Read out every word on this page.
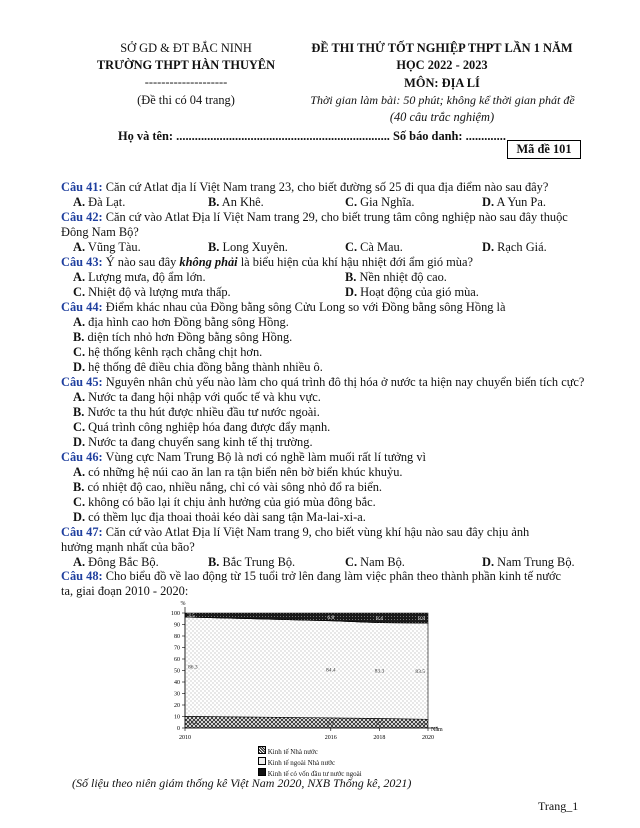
SỞ GD & ĐT BẮC NINH
TRƯỜNG THPT HÀN THUYÊN
--------------------
(Đề thi có 04 trang)
ĐỀ THI THỬ TỐT NGHIỆP THPT LẦN 1 NĂM
HỌC 2022 - 2023
MÔN: ĐỊA LÍ
Thời gian làm bài: 50 phút; không kể thời gian phát đề
(40 câu trắc nghiệm)
Họ và tên: ..................................................................... Số báo danh: .............
Mã đề 101
Câu 41: Căn cứ Atlat địa lí Việt Nam trang 23, cho biết đường số 25 đi qua địa điểm nào sau đây?
A. Đà Lạt.	B. An Khê.	C. Gia Nghĩa.	D. A Yun Pa.
Câu 42: Căn cứ vào Atlat Địa lí Việt Nam trang 29, cho biết trung tâm công nghiệp nào sau đây thuộc
Đông Nam Bộ?
A. Vũng Tàu.	B. Long Xuyên.	C. Cà Mau.	D. Rạch Giá.
Câu 43: Ý nào sau đây không phải là biểu hiện của khí hậu nhiệt đới ẩm gió mùa?
A. Lượng mưa, độ ẩm lớn.	B. Nền nhiệt độ cao.
C. Nhiệt độ và lượng mưa thấp.	D. Hoạt động của gió mùa.
Câu 44: Điểm khác nhau của Đồng bằng sông Cửu Long so với Đồng bằng sông Hồng là
A. địa hình cao hơn Đồng bằng sông Hồng.
B. diện tích nhỏ hơn Đồng bằng sông Hồng.
C. hệ thống kênh rạch chằng chịt hơn.
D. hệ thống đê điều chia đồng bằng thành nhiều ô.
Câu 45: Nguyên nhân chủ yếu nào làm cho quá trình đô thị hóa ở nước ta hiện nay chuyển biến tích cực?
A. Nước ta đang hội nhập với quốc tế và khu vực.
B. Nước ta thu hút được nhiều đầu tư nước ngoài.
C. Quá trình công nghiệp hóa đang được đẩy mạnh.
D. Nước ta đang chuyển sang kinh tế thị trường.
Câu 46: Vùng cực Nam Trung Bộ là nơi có nghề làm muối rất lí tưởng vì
A. có những hệ núi cao ăn lan ra tận biển nên bờ biển khúc khuỷu.
B. có nhiệt độ cao, nhiều nắng, chỉ có vài sông nhỏ đổ ra biển.
C. không có bão lại ít chịu ảnh hưởng của gió mùa đông bắc.
D. có thềm lục địa thoai thoải kéo dài sang tận Ma-lai-xi-a.
Câu 47: Căn cứ vào Atlat Địa lí Việt Nam trang 9, cho biết vùng khí hậu nào sau đây chịu ảnh
hưởng mạnh nhất của bão?
A. Đông Bắc Bộ.	B. Bắc Trung Bộ.	C. Nam Bộ.	D. Nam Trung Bộ.
Câu 48: Cho biểu đồ về lao động từ 15 tuổi trở lên đang làm việc phân theo thành phần kinh tế nước
ta, giai đoạn 2010 - 2020:
10.2	8.8	8.3	7.6
86.3	84.4	83.3	83.5
3.5	6.8	8.4	8.8
0
10
20
30
40
50
60
70
80
90
100
2010	2016	2018	2020
%
Năm
Kinh tế Nhà nước
Kinh tế ngoài Nhà nước
Kinh tế có vốn đầu tư nước ngoài
(Số liệu theo niên giám thống kê Việt Nam 2020, NXB Thống kê, 2021)
Trang_1
